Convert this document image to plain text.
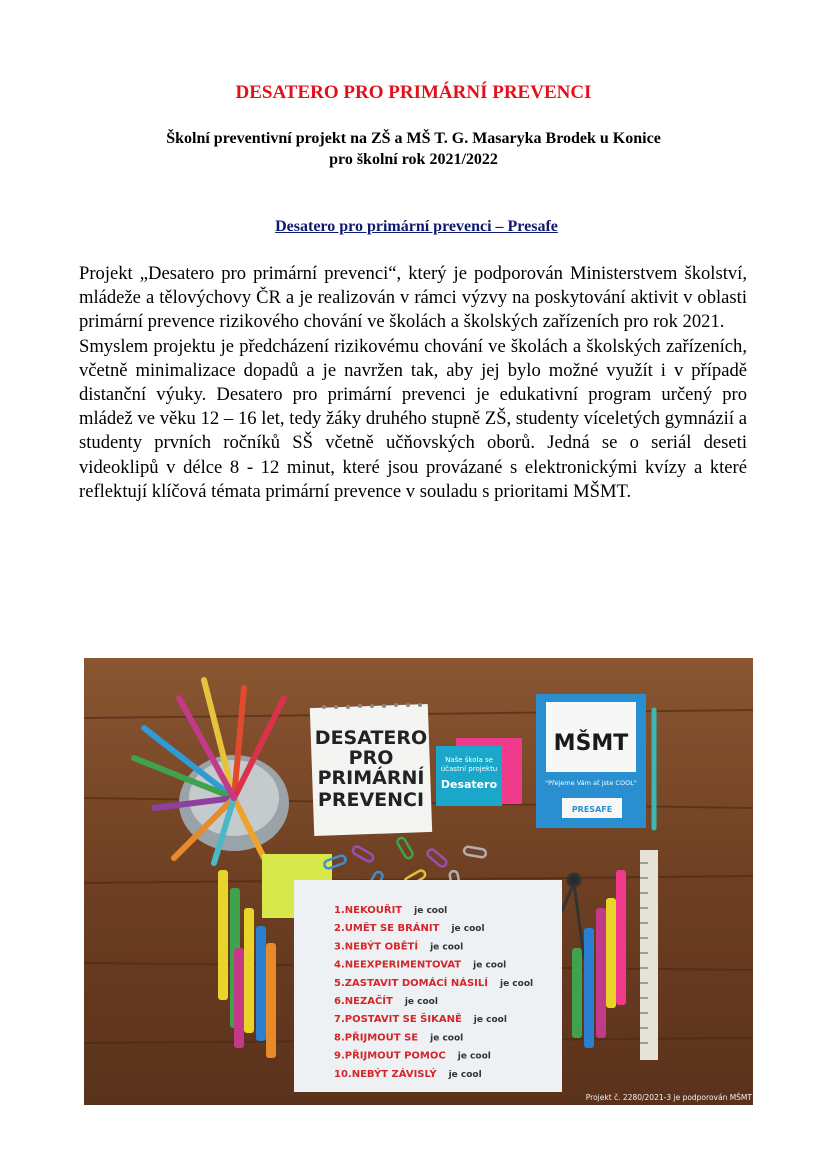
DESATERO PRO PRIMÁRNÍ PREVENCI
Školní preventivní projekt na ZŠ a MŠ T. G. Masaryka Brodek u Konice
pro školní rok 2021/2022
Desatero pro primární prevenci – Presafe

Projekt „Desatero pro primární prevenci“, který je podporován Ministerstvem školství, mládeže a tělovýchovy ČR a je realizován v rámci výzvy na poskytování aktivit v oblasti primární prevence rizikového chování ve školách a školských zařízeních pro rok 2021.

Smyslem projektu je předcházení rizikovému chování ve školách a školských zařízeních, včetně minimalizace dopadů a je navržen tak, aby jej bylo možné využít i v případě distanční výuky. Desatero pro primární prevenci je edukativní program určený pro mládež ve věku 12 – 16 let, tedy žáky druhého stupně ZŠ, studenty víceletých gymnázií a studenty prvních ročníků SŠ včetně učňovských oborů. Jedná se o seriál deseti videoklipů v délce 8 - 12 minut, které jsou provázané s elektronickými kvízy a které reflektují klíčová témata primární prevence v souladu s prioritami MŠMT.

DESATERO
PRO
PRIMÁRNÍ
PREVENCI
Naše škola se
účastní projektu
Desatero
MŠMT
"Přejeme Vám ať jste COOL"
PRESAFE
1.NEKOUŘIT je cool
2.UMĚT SE BRÁNIT je cool
3.NEBÝT OBĚTÍ je cool
4.NEEXPERIMENTOVAT je cool
5.ZASTAVIT DOMÁCÍ NÁSILÍ je cool
6.NEZAČÍT je cool
7.POSTAVIT SE ŠIKANĚ je cool
8.PŘIJMOUT SE je cool
9.PŘIJMOUT POMOC je cool
10.NEBÝT ZÁVISLÝ je cool
Projekt č. 2280/2021-3 je podporován MŠMT
